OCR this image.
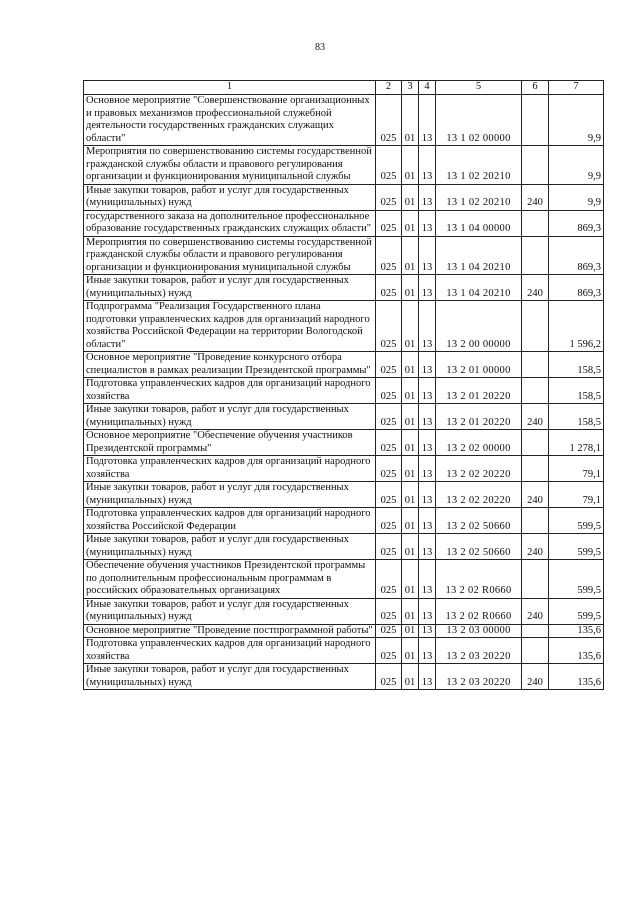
83
1	2	3	4	5	6	7
Основное мероприятие "Совершенствование организационных и правовых механизмов профессиональной служебной деятельности государственных гражданских служащих области"	025	01	13	13 1 02 00000		9,9
Мероприятия по совершенствованию системы государственной гражданской службы области и правового регулирования организации и функционирования муниципальной службы	025	01	13	13 1 02 20210		9,9
Иные закупки товаров, работ и услуг для государственных (муниципальных) нужд	025	01	13	13 1 02 20210	240	9,9
государственного заказа на дополнительное профессиональное образование государственных гражданских служащих области"	025	01	13	13 1 04 00000		869,3
Мероприятия по совершенствованию системы государственной гражданской службы области и правового регулирования организации и функционирования муниципальной службы	025	01	13	13 1 04 20210		869,3
Иные закупки товаров, работ и услуг для государственных (муниципальных) нужд	025	01	13	13 1 04 20210	240	869,3
Подпрограмма "Реализация Государственного плана подготовки управленческих кадров для организаций народного хозяйства Российской Федерации на территории Вологодской области"	025	01	13	13 2 00 00000		1 596,2
Основное мероприятие "Проведение конкурсного отбора специалистов в рамках реализации Президентской программы"	025	01	13	13 2 01 00000		158,5
Подготовка управленческих кадров для организаций народного хозяйства	025	01	13	13 2 01 20220		158,5
Иные закупки товаров, работ и услуг для государственных (муниципальных) нужд	025	01	13	13 2 01 20220	240	158,5
Основное мероприятие "Обеспечение обучения участников Президентской программы"	025	01	13	13 2 02 00000		1 278,1
Подготовка управленческих кадров для организаций народного хозяйства	025	01	13	13 2 02 20220		79,1
Иные закупки товаров, работ и услуг для государственных (муниципальных) нужд	025	01	13	13 2 02 20220	240	79,1
Подготовка управленческих кадров для организаций народного хозяйства Российской Федерации	025	01	13	13 2 02 50660		599,5
Иные закупки товаров, работ и услуг для государственных (муниципальных) нужд	025	01	13	13 2 02 50660	240	599,5
Обеспечение обучения участников Президентской программы по дополнительным профессиональным программам в российских образовательных организациях	025	01	13	13 2 02 R0660		599,5
Иные закупки товаров, работ и услуг для государственных (муниципальных) нужд	025	01	13	13 2 02 R0660	240	599,5
Основное мероприятие "Проведение постпрограммной работы"	025	01	13	13 2 03 00000		135,6
Подготовка управленческих кадров для организаций народного хозяйства	025	01	13	13 2 03 20220		135,6
Иные закупки товаров, работ и услуг для государственных (муниципальных) нужд	025	01	13	13 2 03 20220	240	135,6
